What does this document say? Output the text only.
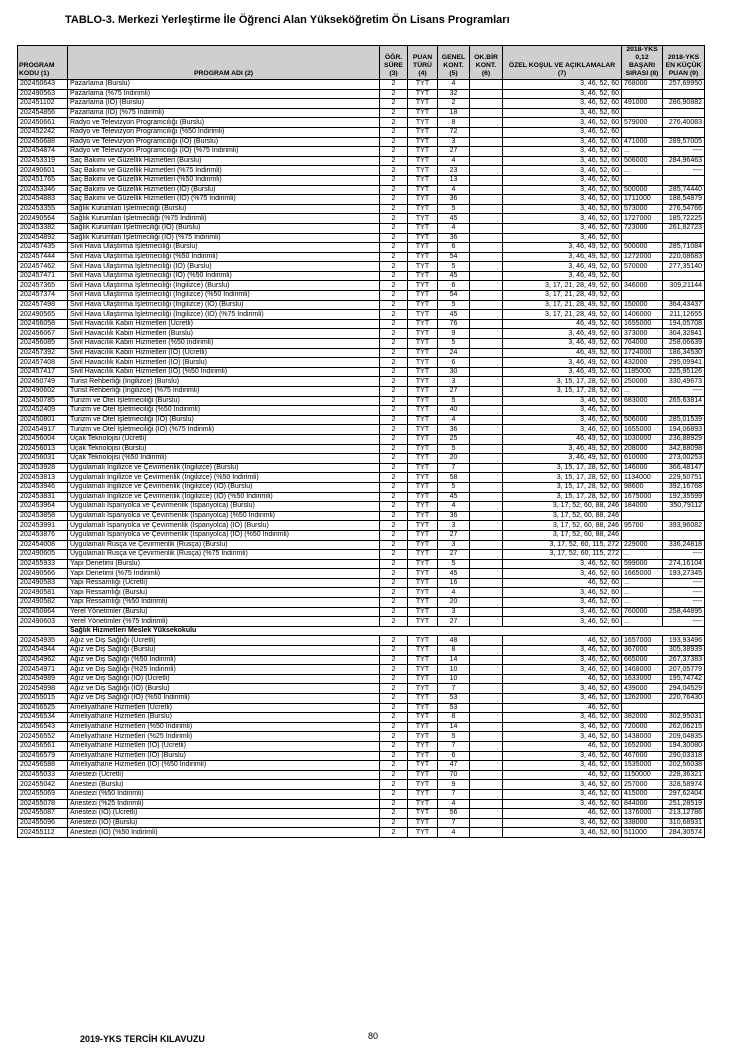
TABLO-3. Merkezi Yerleştirme İle Öğrenci Alan Yükseköğretim Ön Lisans Programları
PROGRAM KODU (1)	PROGRAM ADI (2)	ÖĞR. SÜRE (3)	PUAN TÜRÜ (4)	GENEL KONT. (5)	OK.BİR KONT. (6)	ÖZEL KOŞUL VE AÇIKLAMALAR (7)	2018-YKS 0,12 BAŞARI SIRASI (8)	2018-YKS EN KÜÇÜK PUAN (9)
202450643	Pazarlama (Burslu)	2	TYT	4		3, 46, 52, 60	768000	257,69950
202490563	Pazarlama (%75 İndirimli)	2	TYT	32		3, 46, 52, 60		
202451102	Pazarlama (İÖ) (Burslu)	2	TYT	2		3, 46, 52, 60	491000	286,90882
202454856	Pazarlama (İÖ) (%75 İndirimli)	2	TYT	18		3, 46, 52, 60		
202450661	Radyo ve Televizyon Programcılığı (Burslu)	2	TYT	8		3, 46, 52, 60	579000	276,40083
202452242	Radyo ve Televizyon Programcılığı (%50 İndirimli)	2	TYT	72		3, 46, 52, 60		
202450688	Radyo ve Televizyon Programcılığı (İÖ) (Burslu)	2	TYT	3		3, 46, 52, 60	471000	289,57005
202454874	Radyo ve Televizyon Programcılığı (İÖ) (%75 İndirimli)	2	TYT	27		3, 46, 52, 60	...	----
202453319	Saç Bakımı ve Güzellik Hizmetleri (Burslu)	2	TYT	4		3, 46, 52, 60	506000	284,96463
202490601	Saç Bakımı ve Güzellik Hizmetleri (%75 İndirimli)	2	TYT	23		3, 46, 52, 60	...	----
202451765	Saç Bakımı ve Güzellik Hizmetleri (%50 İndirimli)	2	TYT	13		3, 46, 52, 60		
202453346	Saç Bakımı ve Güzellik Hizmetleri (İÖ) (Burslu)	2	TYT	4		3, 46, 52, 60	500000	285,74440
202454883	Saç Bakımı ve Güzellik Hizmetleri (İÖ) (%75 İndirimli)	2	TYT	36		3, 46, 52, 60	1711000	188,54879
202453355	Sağlık Kurumları İşletmeciliği (Burslu)	2	TYT	5		3, 46, 52, 60	573000	276,54766
202490564	Sağlık Kurumları İşletmeciliği (%75 İndirimli)	2	TYT	45		3, 46, 52, 60	1727000	185,72225
202453382	Sağlık Kurumları İşletmeciliği (İÖ) (Burslu)	2	TYT	4		3, 46, 52, 60	723000	261,82723
202454892	Sağlık Kurumları İşletmeciliği (İÖ) (%75 İndirimli)	2	TYT	36		3, 46, 52, 60		
202457435	Sivil Hava Ulaştırma İşletmeciliği (Burslu)	2	TYT	6		3, 46, 49, 52, 60	500000	285,71084
202457444	Sivil Hava Ulaştırma İşletmeciliği (%50 İndirimli)	2	TYT	54		3, 46, 49, 52, 60	1272000	220,08683
202457462	Sivil Hava Ulaştırma İşletmeciliği (İÖ) (Burslu)	2	TYT	5		3, 46, 49, 52, 60	570000	277,35140
202457471	Sivil Hava Ulaştırma İşletmeciliği (İÖ) (%50 İndirimli)	2	TYT	45		3, 46, 49, 52, 60		
202457365	Sivil Hava Ulaştırma İşletmeciliği (İngilizce) (Burslu)	2	TYT	6		3, 17, 21, 28, 49, 52, 60	346000	309,21144
202457374	Sivil Hava Ulaştırma İşletmeciliği (İngilizce) (%50 İndirimli)	2	TYT	54		3, 17, 21, 28, 49, 52, 60		
202457498	Sivil Hava Ulaştırma İşletmeciliği (İngilizce) (İÖ) (Burslu)	2	TYT	5		3, 17, 21, 28, 49, 52, 60	150000	364,43437
202490565	Sivil Hava Ulaştırma İşletmeciliği (İngilizce) (İÖ) (%75 İndirimli)	2	TYT	45		3, 17, 21, 28, 49, 52, 60	1406000	211,12655
202456058	Sivil Havacılık Kabin Hizmetleri (Ücretli)	2	TYT	76		46, 49, 52, 60	1655000	194,05708
202456067	Sivil Havacılık Kabin Hizmetleri (Burslu)	2	TYT	9		3, 46, 49, 52, 60	373000	304,32841
202456085	Sivil Havacılık Kabin Hizmetleri (%50 İndirimli)	2	TYT	5		3, 46, 49, 52, 60	764000	258,06639
202457392	Sivil Havacılık Kabin Hizmetleri (İÖ) (Ücretli)	2	TYT	24		46, 49, 52, 60	1724000	186,34530
202457408	Sivil Havacılık Kabin Hizmetleri (İÖ) (Burslu)	2	TYT	6		3, 46, 49, 52, 60	432000	295,09941
202457417	Sivil Havacılık Kabin Hizmetleri (İÖ) (%50 İndirimli)	2	TYT	30		3, 46, 49, 52, 60	1185000	225,95126
202450749	Turist Rehberliği (İngilizce) (Burslu)	2	TYT	3		3, 15, 17, 28, 52, 60	250000	330,49673
202490602	Turist Rehberliği (İngilizce) (%75 İndirimli)	2	TYT	27		3, 15, 17, 28, 52, 60	...	----
202450785	Turizm ve Otel İşletmeciliği (Burslu)	2	TYT	5		3, 46, 52, 60	683000	265,63814
202452409	Turizm ve Otel İşletmeciliği (%50 İndirimli)	2	TYT	40		3, 46, 52, 60		
202450801	Turizm ve Otel İşletmeciliği (İÖ) (Burslu)	2	TYT	4		3, 46, 52, 60	506000	285,01539
202454917	Turizm ve Otel İşletmeciliği (İÖ) (%75 İndirimli)	2	TYT	36		3, 46, 52, 60	1655000	194,06893
202456004	Uçak Teknolojisi (Ücretli)	2	TYT	25		46, 49, 52, 60	1030000	236,88929
202456013	Uçak Teknolojisi (Burslu)	2	TYT	5		3, 46, 49, 52, 60	208000	342,88098
202456031	Uçak Teknolojisi (%50 İndirimli)	2	TYT	20		3, 46, 49, 52, 60	610000	273,00253
202453928	Uygulamalı İngilizce ve Çevirmenlik (İngilizce) (Burslu)	2	TYT	7		3, 15, 17, 28, 52, 60	146000	366,48147
202453813	Uygulamalı İngilizce ve Çevirmenlik (İngilizce) (%50 İndirimli)	2	TYT	58		3, 15, 17, 28, 52, 60	1134000	229,50751
202453946	Uygulamalı İngilizce ve Çevirmenlik (İngilizce) (İÖ) (Burslu)	2	TYT	5		3, 15, 17, 28, 52, 60	98600	392,16768
202453831	Uygulamalı İngilizce ve Çevirmenlik (İngilizce) (İÖ) (%50 İndirimli)	2	TYT	45		3, 15, 17, 28, 52, 60	1675000	192,35599
202453964	Uygulamalı İspanyolca ve Çevirmenlik (İspanyolca) (Burslu)	2	TYT	4		3, 17, 52, 60, 88, 246	184000	350,79112
202453858	Uygulamalı İspanyolca ve Çevirmenlik (İspanyolca) (%50 İndirimli)	2	TYT	36		3, 17, 52, 60, 88, 246		
202453991	Uygulamalı İspanyolca ve Çevirmenlik (İspanyolca) (İÖ) (Burslu)	2	TYT	3		3, 17, 52, 60, 88, 246	95700	393,96082
202453876	Uygulamalı İspanyolca ve Çevirmenlik (İspanyolca) (İÖ) (%50 İndirimli)	2	TYT	27		3, 17, 52, 60, 88, 246		
202454008	Uygulamalı Rusça ve Çevirmenlik (Rusça) (Burslu)	2	TYT	3		3, 17, 52, 60, 115, 272	229000	336,24818
202490605	Uygulamalı Rusça ve Çevirmenlik (Rusça) (%75 İndirimli)	2	TYT	27		3, 17, 52, 60, 115, 272	...	----
202455933	Yapı Denetimi (Burslu)	2	TYT	5		3, 46, 52, 60	599000	274,16104
202490566	Yapı Denetimi (%75 İndirimli)	2	TYT	45		3, 46, 52, 60	1665000	193,27345
202490583	Yapı Ressamlığı (Ücretli)	2	TYT	16		46, 52, 60	...	----
202490581	Yapı Ressamlığı (Burslu)	2	TYT	4		3, 46, 52, 60	...	----
202490582	Yapı Ressamlığı (%50 İndirimli)	2	TYT	20		3, 46, 52, 60	...	----
202450864	Yerel Yönetimler (Burslu)	2	TYT	3		3, 46, 52, 60	760000	258,44895
202490603	Yerel Yönetimler (%75 İndirimli)	2	TYT	27		3, 46, 52, 60	...	----
	Sağlık Hizmetleri Meslek Yüksekokulu							
202454935	Ağız ve Diş Sağlığı (Ücretli)	2	TYT	48		46, 52, 60	1657000	193,93496
202454944	Ağız ve Diş Sağlığı (Burslu)	2	TYT	8		3, 46, 52, 60	367000	305,38939
202454962	Ağız ve Diş Sağlığı (%50 İndirimli)	2	TYT	14		3, 46, 52, 60	665000	267,37383
202454971	Ağız ve Diş Sağlığı (%25 İndirimli)	2	TYT	10		3, 46, 52, 60	1468000	207,05779
202454989	Ağız ve Diş Sağlığı (İÖ) (Ücretli)	2	TYT	10		46, 52, 60	1633000	195,74742
202454998	Ağız ve Diş Sağlığı (İÖ) (Burslu)	2	TYT	7		3, 46, 52, 60	439000	294,04529
202455015	Ağız ve Diş Sağlığı (İÖ) (%50 İndirimli)	2	TYT	53		3, 46, 52, 60	1262000	220,76430
202456525	Ameliyathane Hizmetleri (Ücretli)	2	TYT	53		46, 52, 60		
202456534	Ameliyathane Hizmetleri (Burslu)	2	TYT	8		3, 46, 52, 60	382000	302,95031
202456543	Ameliyathane Hizmetleri (%50 İndirimli)	2	TYT	14		3, 46, 52, 60	720000	262,06215
202456552	Ameliyathane Hizmetleri (%25 İndirimli)	2	TYT	5		3, 46, 52, 60	1438000	209,04835
202456561	Ameliyathane Hizmetleri (İÖ) (Ücretli)	2	TYT	7		46, 52, 60	1652000	194,30080
202456579	Ameliyathane Hizmetleri (İÖ) (Burslu)	2	TYT	6		3, 46, 52, 60	467000	290,03318
202456588	Ameliyathane Hizmetleri (İÖ) (%50 İndirimli)	2	TYT	47		3, 46, 52, 60	1535000	202,56038
202455033	Anestezi (Ücretli)	2	TYT	70		46, 52, 60	1150000	228,36321
202455042	Anestezi (Burslu)	2	TYT	9		3, 46, 52, 60	257000	328,58974
202455069	Anestezi (%50 İndirimli)	2	TYT	7		3, 46, 52, 60	415000	297,62404
202455078	Anestezi (%25 İndirimli)	2	TYT	4		3, 46, 52, 60	844000	251,28519
202455087	Anestezi (İÖ) (Ücretli)	2	TYT	56		46, 52, 60	1376000	213,12786
202455096	Anestezi (İÖ) (Burslu)	2	TYT	7		3, 46, 52, 60	338000	310,68931
202455112	Anestezi (İÖ) (%50 İndirimli)	2	TYT	4		3, 46, 52, 60	511000	284,30574
2019-YKS TERCİH KILAVUZU	80
